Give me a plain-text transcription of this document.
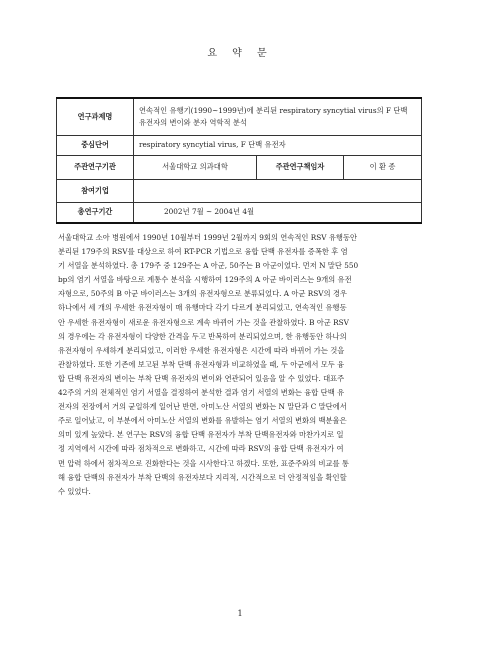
요 약 문
연구과제명	연속적인 유행기(1990~1999년)에 분리된 respiratory syncytial virus의 F 단백 유전자의 변이와 분자 역학적 분석		
중심단어	respiratory syncytial virus, F 단백 유전자		
주관연구기관	서울대학교 의과대학	주관연구책임자	이 환 종
참여기업			
총연구기간	2002년 7월 ~ 2004년 4월		
서울대학교 소아 병원에서 1990년 10월부터 1999년 2월까지 9회의 연속적인 RSV 유행동안
분리된 179주의 RSV를 대상으로 하여 RT-PCR 기법으로 융합 단백 유전자를 증폭한 후 염
기 서열을 분석하였다. 총 179주 중 129주는 A 아군, 50주는 B 아군이었다. 먼저 N 말단 550
bp의 염기 서열을 바탕으로 계통수 분석을 시행하여 129주의 A 아군 바이러스는 9개의 유전
자형으로, 50주의 B 아군 바이러스는 3개의 유전자형으로 분류되었다. A 아군 RSV의 경우
하나에서 세 개의 우세한 유전자형이 매 유행마다 각기 다르게 분리되었고, 연속적인 유행동
안 우세한 유전자형이 새로운 유전자형으로 계속 바뀌어 가는 것을 관찰하였다. B 아군 RSV
의 경우에는 각 유전자형이 다양한 간격을 두고 반복하여 분리되었으며, 한 유행동안 하나의
유전자형이 우세하게 분리되었고, 이러한 우세한 유전자형은 시간에 따라 바뀌어 가는 것을
관찰하였다. 또한 기존에 보고된 부착 단백 유전자형과 비교하였을 때, 두 아군에서 모두 융
합 단백 유전자의 변이는 부착 단백 유전자의 변이와 연관되어 있음을 알 수 있었다. 대표주
42주의 거의 전체적인 염기 서열을 결정하여 분석한 결과 염기 서열의 변화는 융합 단백 유
전자의 전장에서 거의 균일하게 일어난 반면, 아미노산 서열의 변화는 N 말단과 C 말단에서
주로 일어났고, 이 부분에서 아미노산 서열의 변화를 유발하는 염기 서열의 변화의 백분율은
의미 있게 높았다. 본 연구는 RSV의 융합 단백 유전자가 부착 단백유전자와 마찬가지로 일
정 지역에서 시간에 따라 점차적으로 변화하고, 시간에 따라 RSV의 융합 단백 유전자가 여
면 압력 하에서 점차적으로 진화한다는 것을 시사한다고 하겠다. 또한, 표준주와의 비교를 통
해 융합 단백의 유전자가 부착 단백의 유전자보다 지리적, 시간적으로 더 안정적임을 확인할
수 있었다.
1
